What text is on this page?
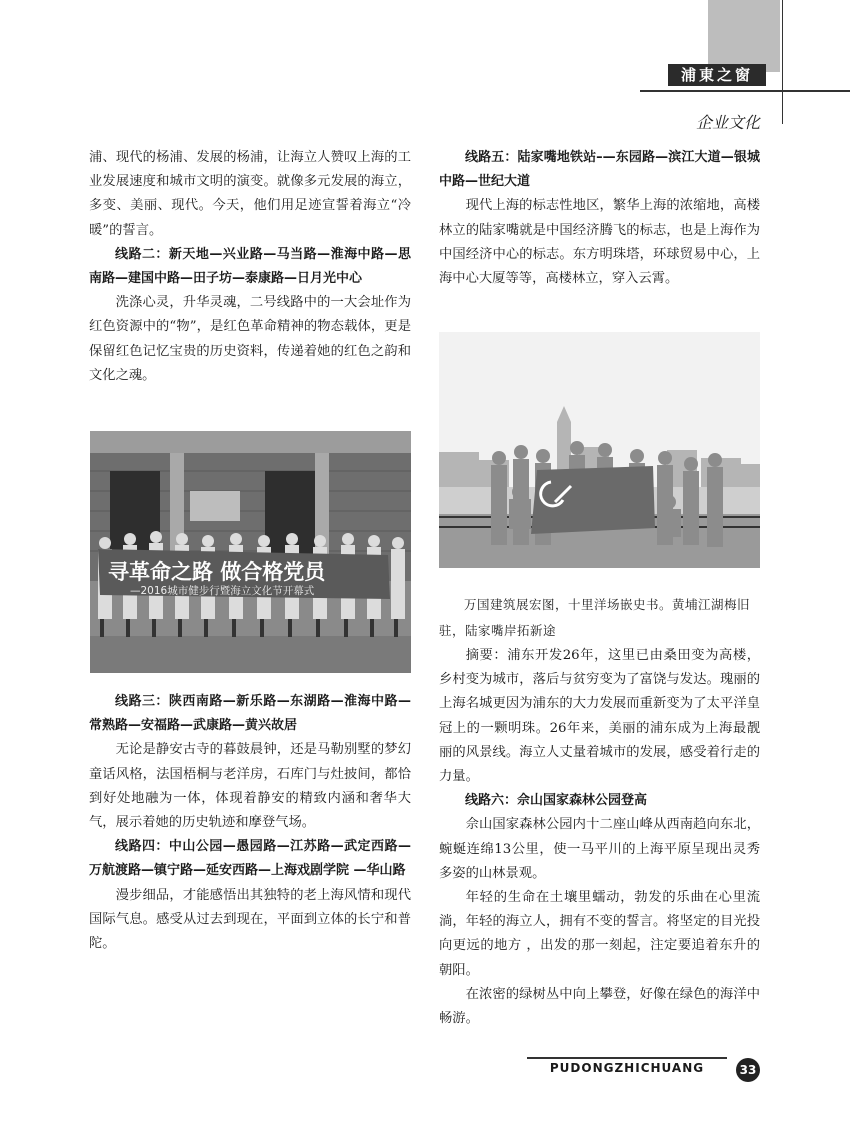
浦東之窗
企业文化

浦、现代的杨浦、发展的杨浦，让海立人赞叹上海的工业发展速度和城市文明的演变。就像多元发展的海立，多变、美丽、现代。今天，他们用足迹宣誓着海立“冷暖”的誓言。

线路二：新天地—兴业路—马当路—淮海中路—思南路—建国中路—田子坊—泰康路—日月光中心

洗涤心灵，升华灵魂，二号线路中的一大会址作为红色资源中的“物”，是红色革命精神的物态载体，更是保留红色记忆宝贵的历史资料，传递着她的红色之韵和文化之魂。

寻革命之路 做合格党员
—2016城市健步行暨海立文化节开幕式

线路三：陕西南路—新乐路—东湖路—淮海中路—常熟路—安福路—武康路—黄兴故居

无论是静安古寺的暮鼓晨钟，还是马勒别墅的梦幻童话风格，法国梧桐与老洋房，石库门与灶披间，都恰到好处地融为一体，体现着静安的精致内涵和奢华大气，展示着她的历史轨迹和摩登气场。

线路四：中山公园—愚园路—江苏路—武定西路—万航渡路—镇宁路—延安西路—上海戏剧学院 —华山路

漫步细品，才能感悟出其独特的老上海风情和现代国际气息。感受从过去到现在，平面到立体的长宁和普陀。

线路五：陆家嘴地铁站–—东园路—滨江大道—银城中路—世纪大道

现代上海的标志性地区，繁华上海的浓缩地，高楼林立的陆家嘴就是中国经济腾飞的标志，也是上海作为中国经济中心的标志。东方明珠塔，环球贸易中心，上海中心大厦等等，高楼林立，穿入云霄。

万国建筑展宏图，十里洋场嵌史书。黄埔江湖梅旧驻，陆家嘴岸拓新途

摘要：浦东开发26年，这里已由桑田变为高楼，乡村变为城市，落后与贫穷变为了富饶与发达。瑰丽的上海名城更因为浦东的大力发展而重新变为了太平洋皇冠上的一颗明珠。26年来，美丽的浦东成为上海最靓丽的风景线。海立人丈量着城市的发展，感受着行走的力量。

线路六：佘山国家森林公园登高

佘山国家森林公园内十二座山峰从西南趋向东北，蜿蜒连绵13公里，使一马平川的上海平原呈现出灵秀多姿的山林景观。

年轻的生命在土壤里蠕动，勃发的乐曲在心里流淌，年轻的海立人，拥有不变的誓言。将坚定的目光投向更远的地方 ，出发的那一刻起，注定要追着东升的朝阳。

在浓密的绿树丛中向上攀登，好像在绿色的海洋中畅游。

PUDONGZHICHUANG	33
